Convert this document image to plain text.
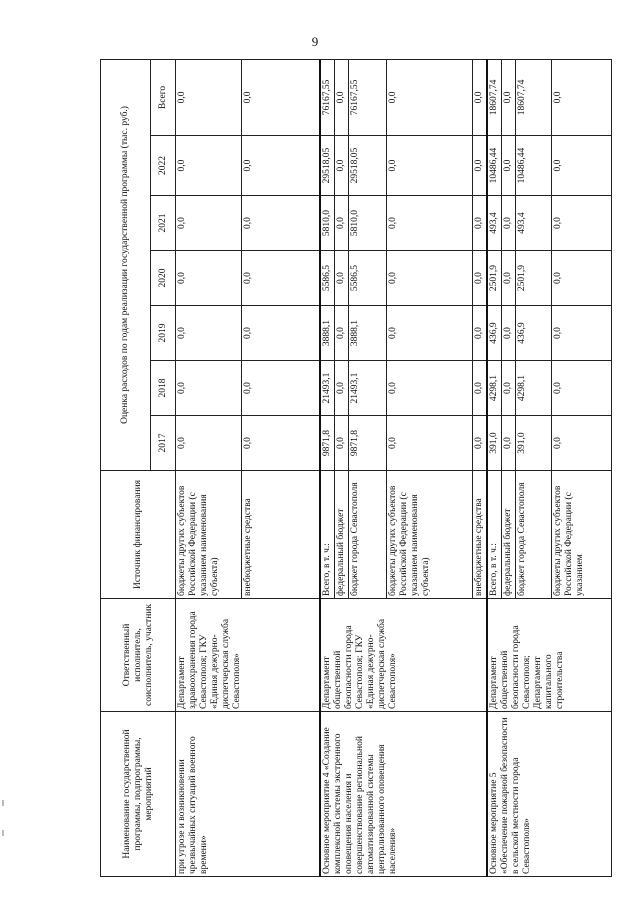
9
Наименование государственной программы, подпрограммы, мероприятий	Ответственный исполнитель, соисполнитель, участник	Источник финансирования	Оценка расходов по годам реализации государственной программы (тыс. руб.)						
			2017	2018	2019	2020	2021	2022	Всего
при угрозе и возникновении чрезвычайных ситуаций военного времени»	Департамент здравоохранения города Севастополя; ГКУ «Единая дежурно-диспетчерская служба Севастополя»	бюджеты других субъектов Российской Федерации (с указанием наименования субъекта)	0,0	0,0	0,0	0,0	0,0	0,0	0,0
		внебюджетные средства	0,0	0,0	0,0	0,0	0,0	0,0	0,0
Основное мероприятие 4 «Создание комплексной системы экстренного оповещения населения и совершенствование региональной автоматизированной системы централизованного оповещения населения»	Департамент общественной безопасности города Севастополя; ГКУ «Единая дежурно-диспетчерская служба Севастополя»	Всего, в т. ч.:	9871,8	21493,1	3888,1	5586,5	5810,0	29518,05	76167,55
		федеральный бюджет	0,0	0,0	0,0	0,0	0,0	0,0	0,0
		бюджет города Севастополя	9871,8	21493,1	3888,1	5586,5	5810,0	29518,05	76167,55
		бюджеты других субъектов Российской Федерации (с указанием наименования субъекта)	0,0	0,0	0,0	0,0	0,0	0,0	0,0
		внебюджетные средства	0,0	0,0	0,0	0,0	0,0	0,0	0,0
Основное мероприятие 5 «Обеспечение пожарной безопасности в сельской местности города Севастополя»	Департамент общественной безопасности города Севастополя; Департамент капитального строительства	Всего, в т. ч.:	391,0	4298,1	436,9	2501,9	493,4	10486,44	18607,74
		федеральный бюджет	0,0	0,0	0,0	0,0	0,0	0,0	0,0
		бюджет города Севастополя	391,0	4298,1	436,9	2501,9	493,4	10486,44	18607,74
		бюджеты других субъектов Российской Федерации (с указанием	0,0	0,0	0,0	0,0	0,0	0,0	0,0
